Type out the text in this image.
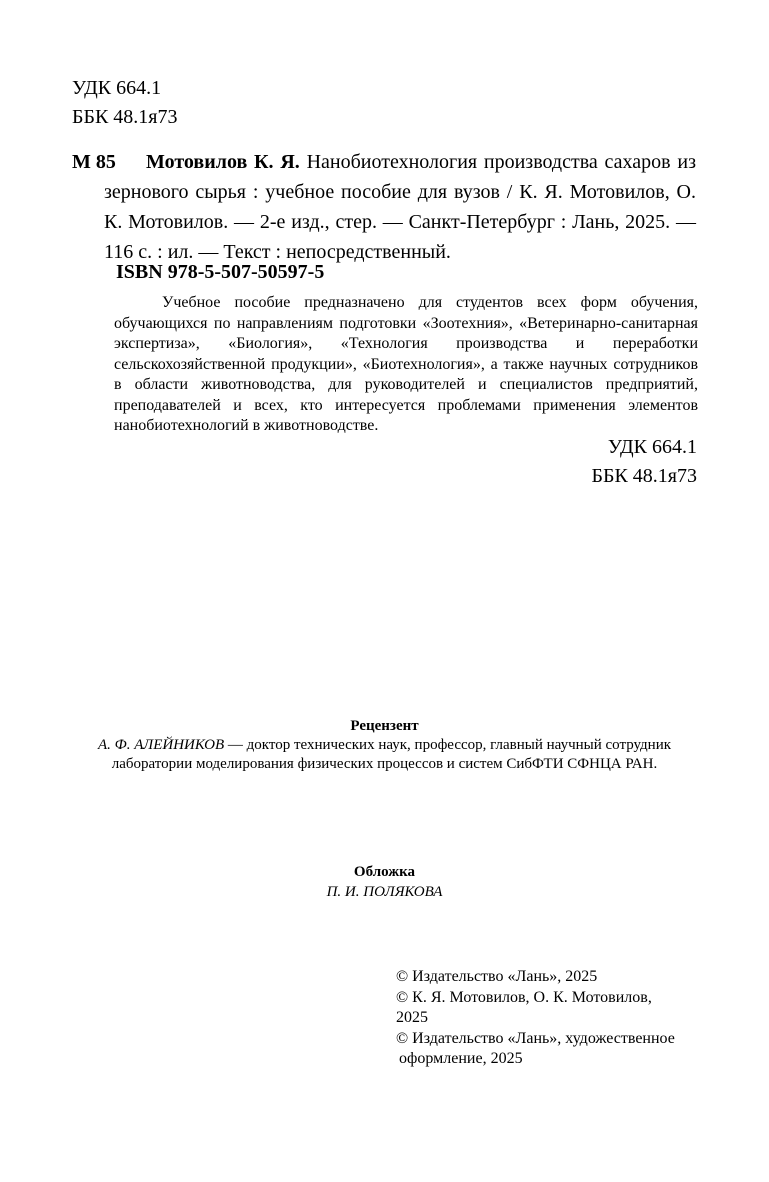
УДК 664.1
ББК 48.1я73
М 85	Мотовилов К. Я. Нанобиотехнология производства сахаров из зернового сырья : учебное пособие для вузов / К. Я. Мотовилов, О. К. Мотовилов. — 2-е изд., стер. — Санкт-Петербург : Лань, 2025. — 116 с. : ил. — Текст : непосредственный.
ISBN 978-5-507-50597-5
Учебное пособие предназначено для студентов всех форм обучения, обучающихся по направлениям подготовки «Зоотехния», «Ветеринарно-санитарная экспертиза», «Биология», «Технология производства и переработки сельскохозяйственной продукции», «Биотехнология», а также научных сотрудников в области животноводства, для руководителей и специалистов предприятий, преподавателей и всех, кто интересуется проблемами применения элементов нанобиотехнологий в животноводстве.
УДК 664.1
ББК 48.1я73
Рецензент
А. Ф. АЛЕЙНИКОВ — доктор технических наук, профессор, главный научный сотрудник
лаборатории моделирования физических процессов и систем СибФТИ СФНЦА РАН.
Обложка
П. И. ПОЛЯКОВА
© Издательство «Лань», 2025
© К. Я. Мотовилов, О. К. Мотовилов,
2025
© Издательство «Лань», художественное
оформление, 2025
